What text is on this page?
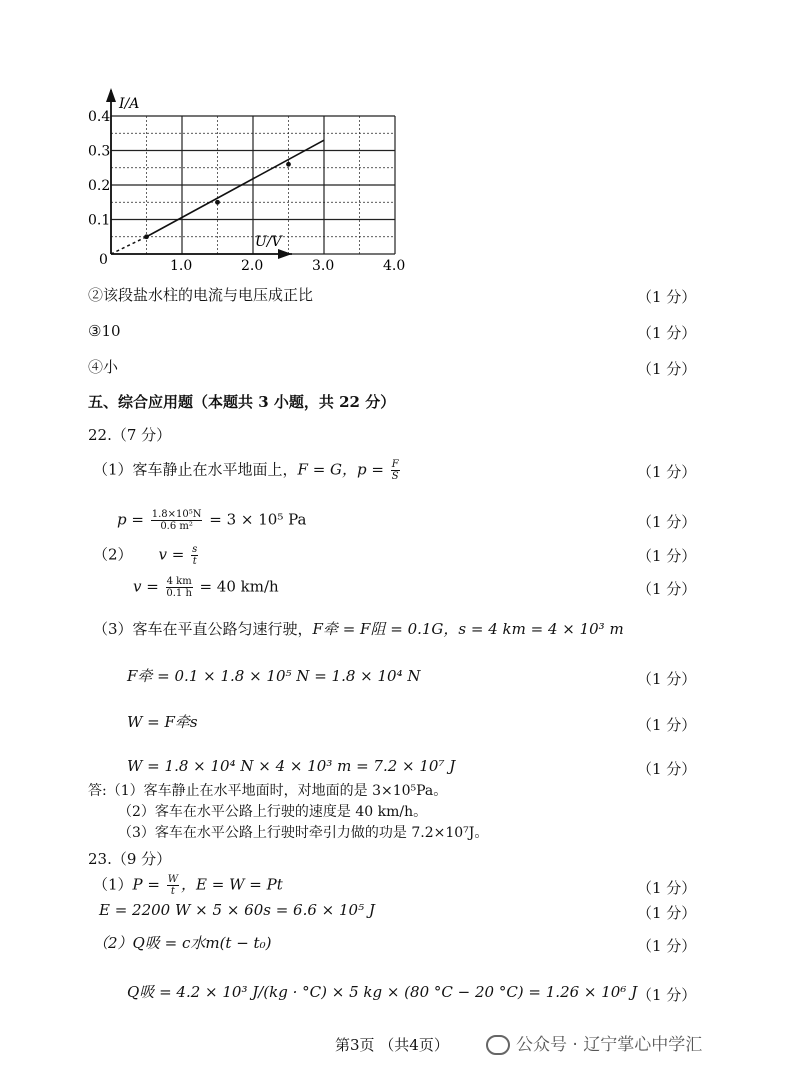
0.1
0.2
0.3
0.4
1.0	2.0	3.0	4.0
0
I/A
U/V
②该段盐水柱的电流与电压成正比	（1 分）
③10	（1 分）
④小	（1 分）
五、综合应用题（本题共 3 小题，共 22 分）
22.（7 分）
（1）客车静止在水平地面上，F = G，$p = \frac{F}{S}$	（1 分）
$p = \frac{\text{1.8×10⁵N}}{\text{0.6 m²}} = 3 \times 10^5$ Pa	（1 分）
（2） $v = \frac{s}{t}$	（1 分）
$v = \frac{4 km}{0.1 h} = 40$ km/h	（1 分）
（3）客车在平直公路匀速行驶，F牵 = F阻 = 0.1G，s = 4 km = 4 × 10³ m
F牵 = 0.1 × 1.8 × 10⁵ N = 1.8 × 10⁴ N	（1 分）
W = F牵s	（1 分）
W = 1.8 × 10⁴ N × 4 × 10³ m = 7.2 × 10⁷ J	（1 分）
答:（1）客车静止在水平地面时，对地面的是 3×10⁵Pa。
（2）客车在水平公路上行驶的速度是 40 km/h。
（3）客车在水平公路上行驶时牵引力做的功是 7.2×10⁷J。
23.（9 分）
$(1)P = \frac{W}{t}$ ，E = W = Pt	（1 分）
E = 2200 W × 5 × 60s = 6.6 × 10⁵ J	（1 分）
（2）Q吸 = c水m(t − t₀)	（1 分）
Q吸 = 4.2 × 10³ J/(kg · °C) × 5 kg × (80 °C − 20 °C) = 1.26 × 10⁶ J （1 分）
第3页 （共4页）	公众号 · 辽宁掌心中学汇
